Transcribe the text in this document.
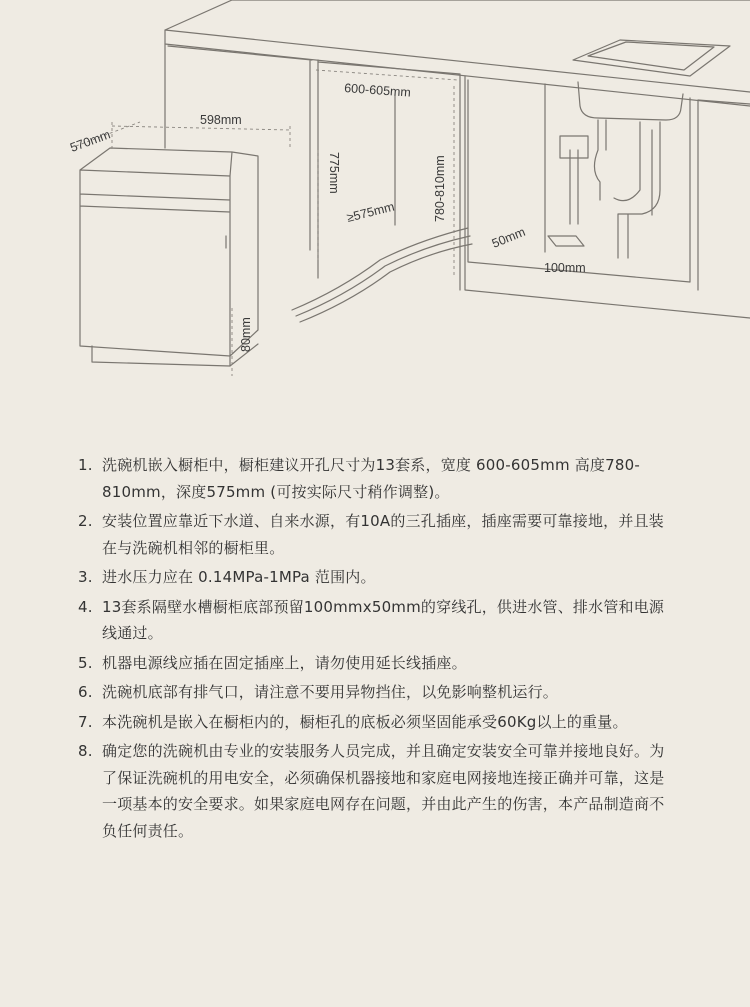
570mm
598mm
600-605mm
775mm	780-810mm
≥575mm
80mm
50mm
100mm
1. 洗碗机嵌入橱柜中，橱柜建议开孔尺寸为13套系，宽度 600-605mm 高度780-810mm，深度575mm (可按实际尺寸稍作调整)。
2. 安装位置应靠近下水道、自来水源，有10A的三孔插座，插座需要可靠接地，并且装在与洗碗机相邻的橱柜里。
3. 进水压力应在 0.14MPa-1MPa 范围内。
4. 13套系隔壁水槽橱柜底部预留100mmx50mm的穿线孔，供进水管、排水管和电源线通过。
5. 机器电源线应插在固定插座上，请勿使用延长线插座。
6. 洗碗机底部有排气口，请注意不要用异物挡住，以免影响整机运行。
7. 本洗碗机是嵌入在橱柜内的，橱柜孔的底板必须坚固能承受60Kg以上的重量。
8. 确定您的洗碗机由专业的安装服务人员完成，并且确定安装安全可靠并接地良好。为了保证洗碗机的用电安全，必须确保机器接地和家庭电网接地连接正确并可靠，这是一项基本的安全要求。如果家庭电网存在问题，并由此产生的伤害，本产品制造商不负任何责任。
